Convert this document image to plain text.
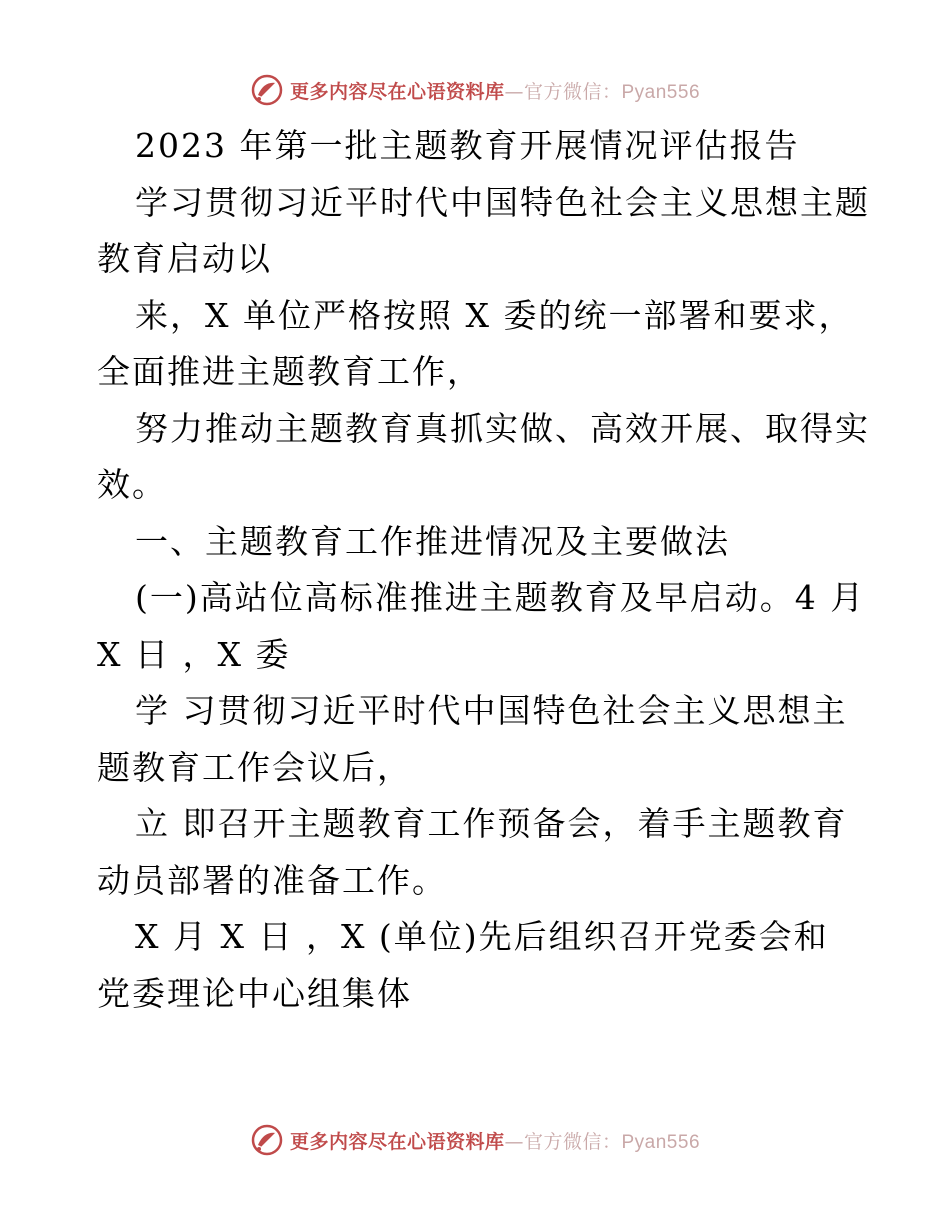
更多内容尽在心语资料库—官方微信：Pyan556
2023 年第一批主题教育开展情况评估报告
学习贯彻习近平时代中国特色社会主义思想主题
教育启动以
来，X 单位严格按照 X 委的统一部署和要求，
全面推进主题教育工作，
努力推动主题教育真抓实做、高效开展、取得实
效。
一、主题教育工作推进情况及主要做法
(一)高站位高标准推进主题教育及早启动。4 月
X 日 ，X 委
学 习贯彻习近平时代中国特色社会主义思想主
题教育工作会议后，
立 即召开主题教育工作预备会，着手主题教育
动员部署的准备工作。
X 月 X 日 ，X (单位)先后组织召开党委会和
党委理论中心组集体
更多内容尽在心语资料库—官方微信：Pyan556
